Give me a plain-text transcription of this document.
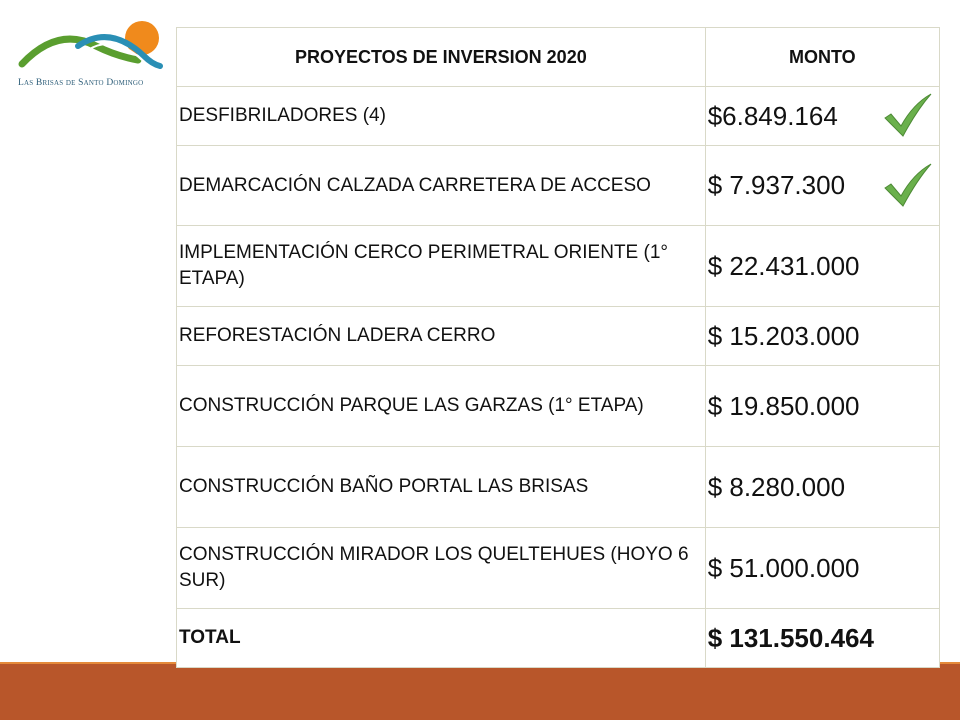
Las Brisas de Santo Domingo
PROYECTOS DE INVERSION 2020	MONTO
DESFIBRILADORES (4)	$6.849.164

DEMARCACIÓN CALZADA CARRETERA DE ACCESO	$ 7.937.300

IMPLEMENTACIÓN CERCO PERIMETRAL ORIENTE (1° ETAPA)	$ 22.431.000
REFORESTACIÓN LADERA CERRO	$ 15.203.000
CONSTRUCCIÓN PARQUE LAS GARZAS (1° ETAPA)	$ 19.850.000
CONSTRUCCIÓN BAÑO PORTAL LAS BRISAS	$ 8.280.000
CONSTRUCCIÓN MIRADOR LOS QUELTEHUES (HOYO 6 SUR)	$ 51.000.000
TOTAL	$ 131.550.464
